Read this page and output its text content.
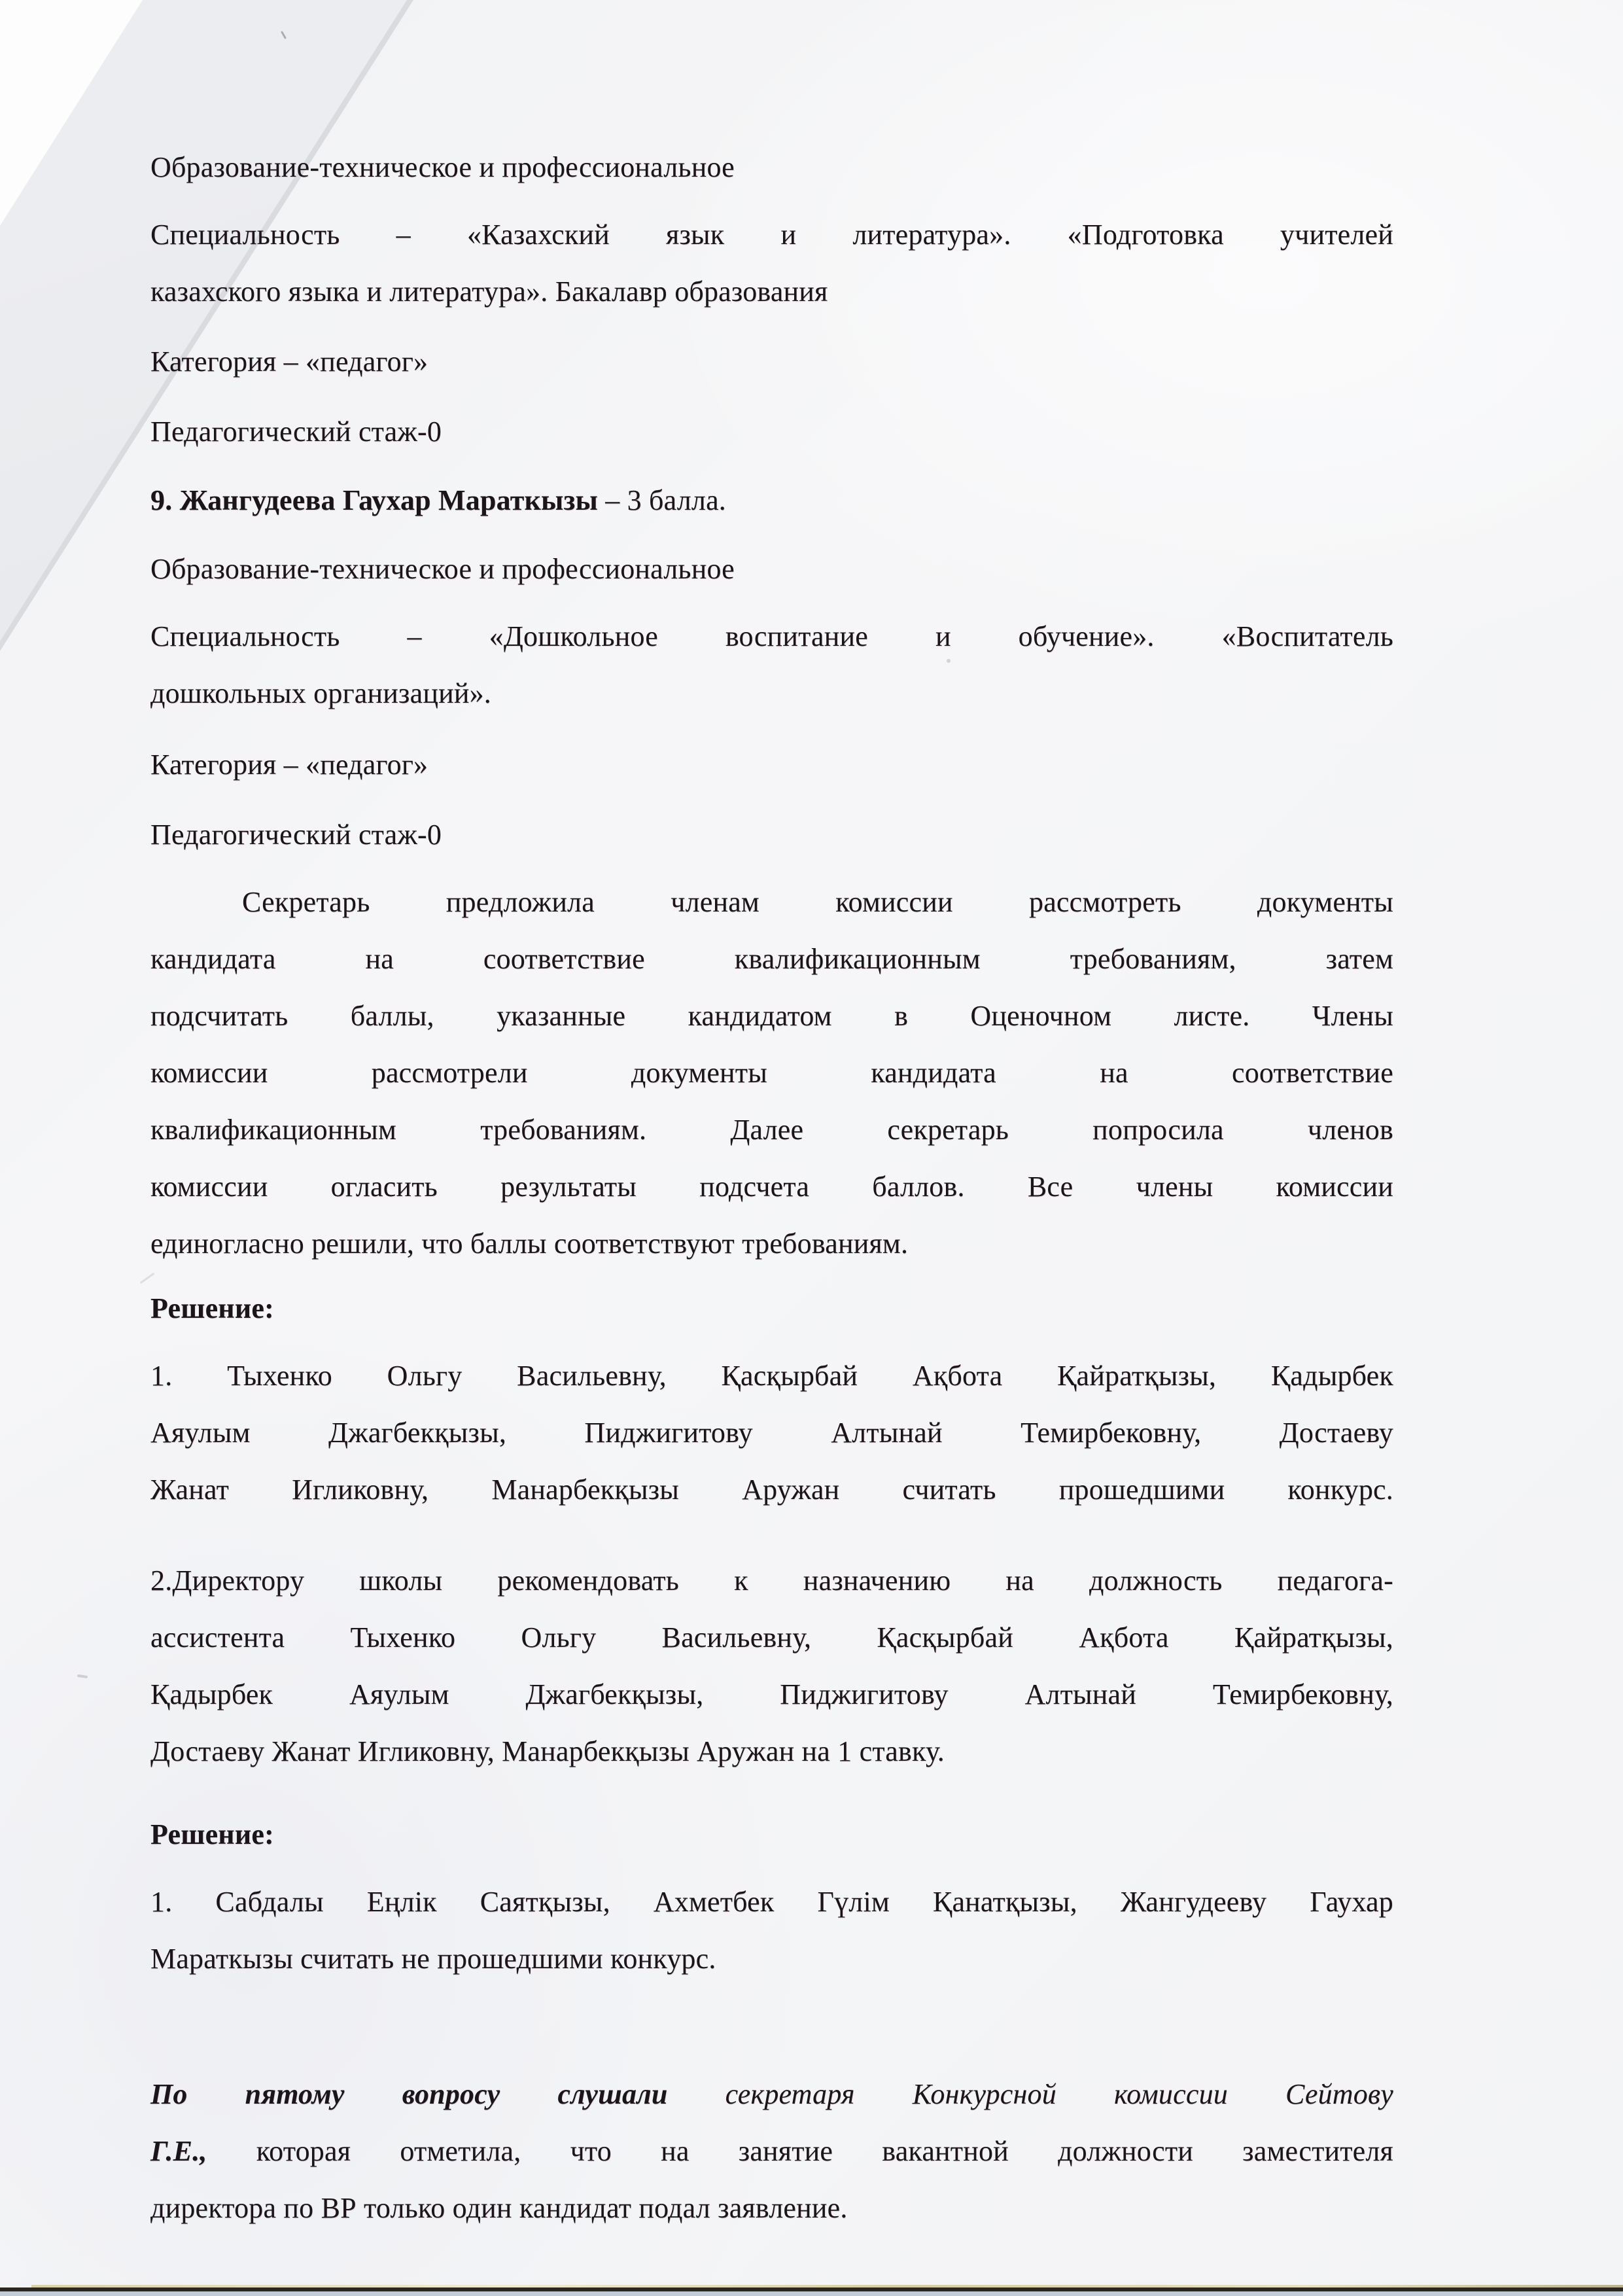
Образование-техническое и профессиональное
Специальность – «Казахский язык и литература». «Подготовка учителей
казахского языка и литература». Бакалавр образования
Категория – «педагог»
Педагогический стаж-0
9. Жангудеева Гаухар Мараткызы – 3 балла.
Образование-техническое и профессиональное
Специальность – «Дошкольное воспитание и обучение». «Воспитатель
дошкольных организаций».
Категория – «педагог»
Педагогический стаж-0
Секретарь предложила членам комиссии рассмотреть документы
кандидата на соответствие квалификационным требованиям, затем
подсчитать баллы, указанные кандидатом в Оценочном листе. Члены
комиссии рассмотрели документы кандидата на соответствие
квалификационным требованиям. Далее секретарь попросила членов
комиссии огласить результаты подсчета баллов. Все члены комиссии
единогласно решили, что баллы соответствуют требованиям.
Решение:
1. Тыхенко Ольгу Васильевну, Қасқырбай Ақбота Қайратқызы, Қадырбек
Аяулым Джагбекқызы, Пиджигитову Алтынай Темирбековну, Достаеву
Жанат Игликовну, Манарбекқызы Аружан считать прошедшими конкурс.
2.Директору школы рекомендовать к назначению на должность педагога-
ассистента Тыхенко Ольгу Васильевну, Қасқырбай Ақбота Қайратқызы,
Қадырбек Аяулым Джагбекқызы, Пиджигитову Алтынай Темирбековну,
Достаеву Жанат Игликовну, Манарбекқызы Аружан на 1 ставку.
Решение:
1. Сабдалы Еңлік Саятқызы, Ахметбек Гүлім Қанатқызы, Жангудееву Гаухар
Мараткызы считать не прошедшими конкурс.
По пятому вопросу слушали секретаря Конкурсной комиссии Сейтову
Г.Е., которая отметила, что на занятие вакантной должности заместителя
директора по ВР только один кандидат подал заявление.
